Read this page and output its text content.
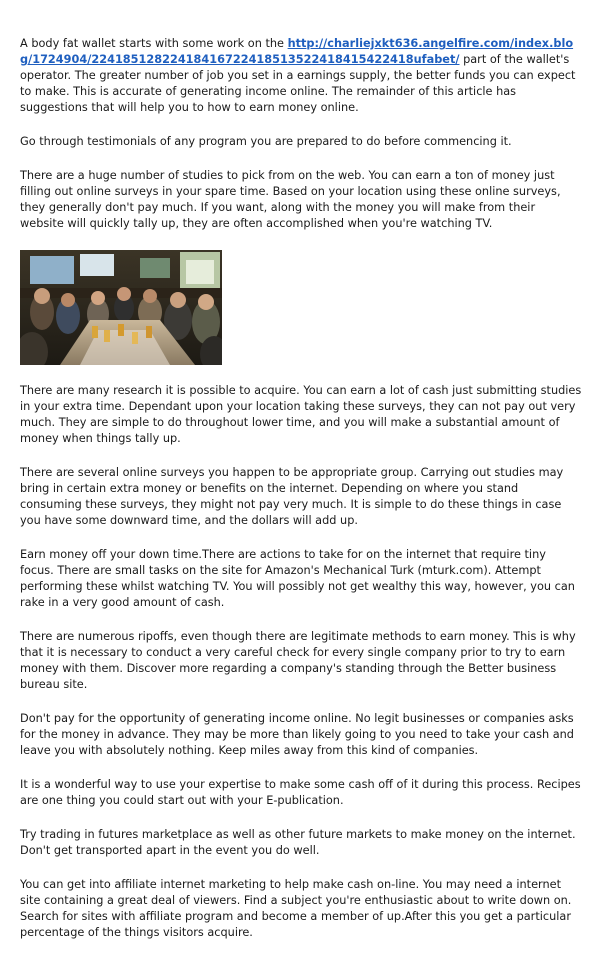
A body fat wallet starts with some work on the http://charliejxkt636.angelfire.com/index.blog/1724904/22418512822418416722418513522418415422418ufabet/ part of the wallet's operator. The greater number of job you set in a earnings supply, the better funds you can expect to make. This is accurate of generating income online. The remainder of this article has suggestions that will help you to how to earn money online.

Go through testimonials of any program you are prepared to do before commencing it.

There are a huge number of studies to pick from on the web. You can earn a ton of money just filling out online surveys in your spare time. Based on your location using these online surveys, they generally don't pay much. If you want, along with the money you will make from their website will quickly tally up, they are often accomplished when you're watching TV.

There are many research it is possible to acquire. You can earn a lot of cash just submitting studies in your extra time. Dependant upon your location taking these surveys, they can not pay out very much. They are simple to do throughout lower time, and you will make a substantial amount of money when things tally up.

There are several online surveys you happen to be appropriate group. Carrying out studies may bring in certain extra money or benefits on the internet. Depending on where you stand consuming these surveys, they might not pay very much. It is simple to do these things in case you have some downward time, and the dollars will add up.

Earn money off your down time.There are actions to take for on the internet that require tiny focus. There are small tasks on the site for Amazon's Mechanical Turk (mturk.com). Attempt performing these whilst watching TV. You will possibly not get wealthy this way, however, you can rake in a very good amount of cash.

There are numerous ripoffs, even though there are legitimate methods to earn money. This is why that it is necessary to conduct a very careful check for every single company prior to try to earn money with them. Discover more regarding a company's standing through the Better business bureau site.

Don't pay for the opportunity of generating income online. No legit businesses or companies asks for the money in advance. They may be more than likely going to you need to take your cash and leave you with absolutely nothing. Keep miles away from this kind of companies.

It is a wonderful way to use your expertise to make some cash off of it during this process. Recipes are one thing you could start out with your E-publication.

Try trading in futures marketplace as well as other future markets to make money on the internet. Don't get transported apart in the event you do well.

You can get into affiliate internet marketing to help make cash on-line. You may need a internet site containing a great deal of viewers. Find a subject you're enthusiastic about to write down on. Search for sites with affiliate program and become a member of up.After this you get a particular percentage of the things visitors acquire.
